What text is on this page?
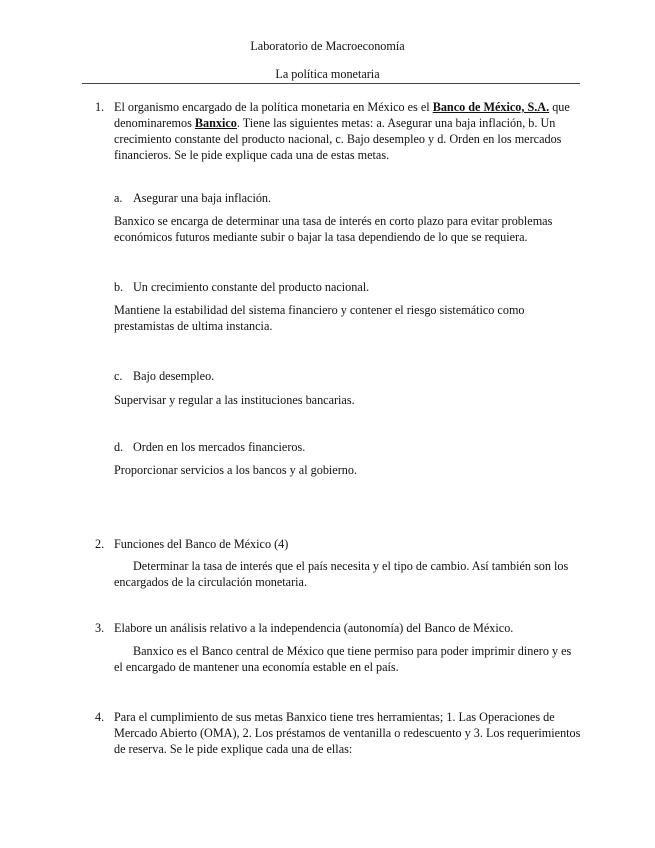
Laboratorio de Macroeconomía
La política monetaria
1. El organismo encargado de la política monetaria en México es el Banco de México, S.A. que denominaremos Banxico. Tiene las siguientes metas: a. Asegurar una baja inflación, b. Un crecimiento constante del producto nacional, c. Bajo desempleo y d. Orden en los mercados financieros. Se le pide explique cada una de estas metas.
a. Asegurar una baja inflación.
Banxico se encarga de determinar una tasa de interés en corto plazo para evitar problemas económicos futuros mediante subir o bajar la tasa dependiendo de lo que se requiera.
b. Un crecimiento constante del producto nacional.
Mantiene la estabilidad del sistema financiero y contener el riesgo sistemático como prestamistas de ultima instancia.
c. Bajo desempleo.
Supervisar y regular a las instituciones bancarias.
d. Orden en los mercados financieros.
Proporcionar servicios a los bancos y al gobierno.
2. Funciones del Banco de México (4)
Determinar la tasa de interés que el país necesita y el tipo de cambio. Así también son los encargados de la circulación monetaria.
3. Elabore un análisis relativo a la independencia (autonomía) del Banco de México.
Banxico es el Banco central de México que tiene permiso para poder imprimir dinero y es el encargado de mantener una economía estable en el país.
4. Para el cumplimiento de sus metas Banxico tiene tres herramientas; 1. Las Operaciones de Mercado Abierto (OMA), 2. Los préstamos de ventanilla o redescuento y 3. Los requerimientos de reserva. Se le pide explique cada una de ellas:
